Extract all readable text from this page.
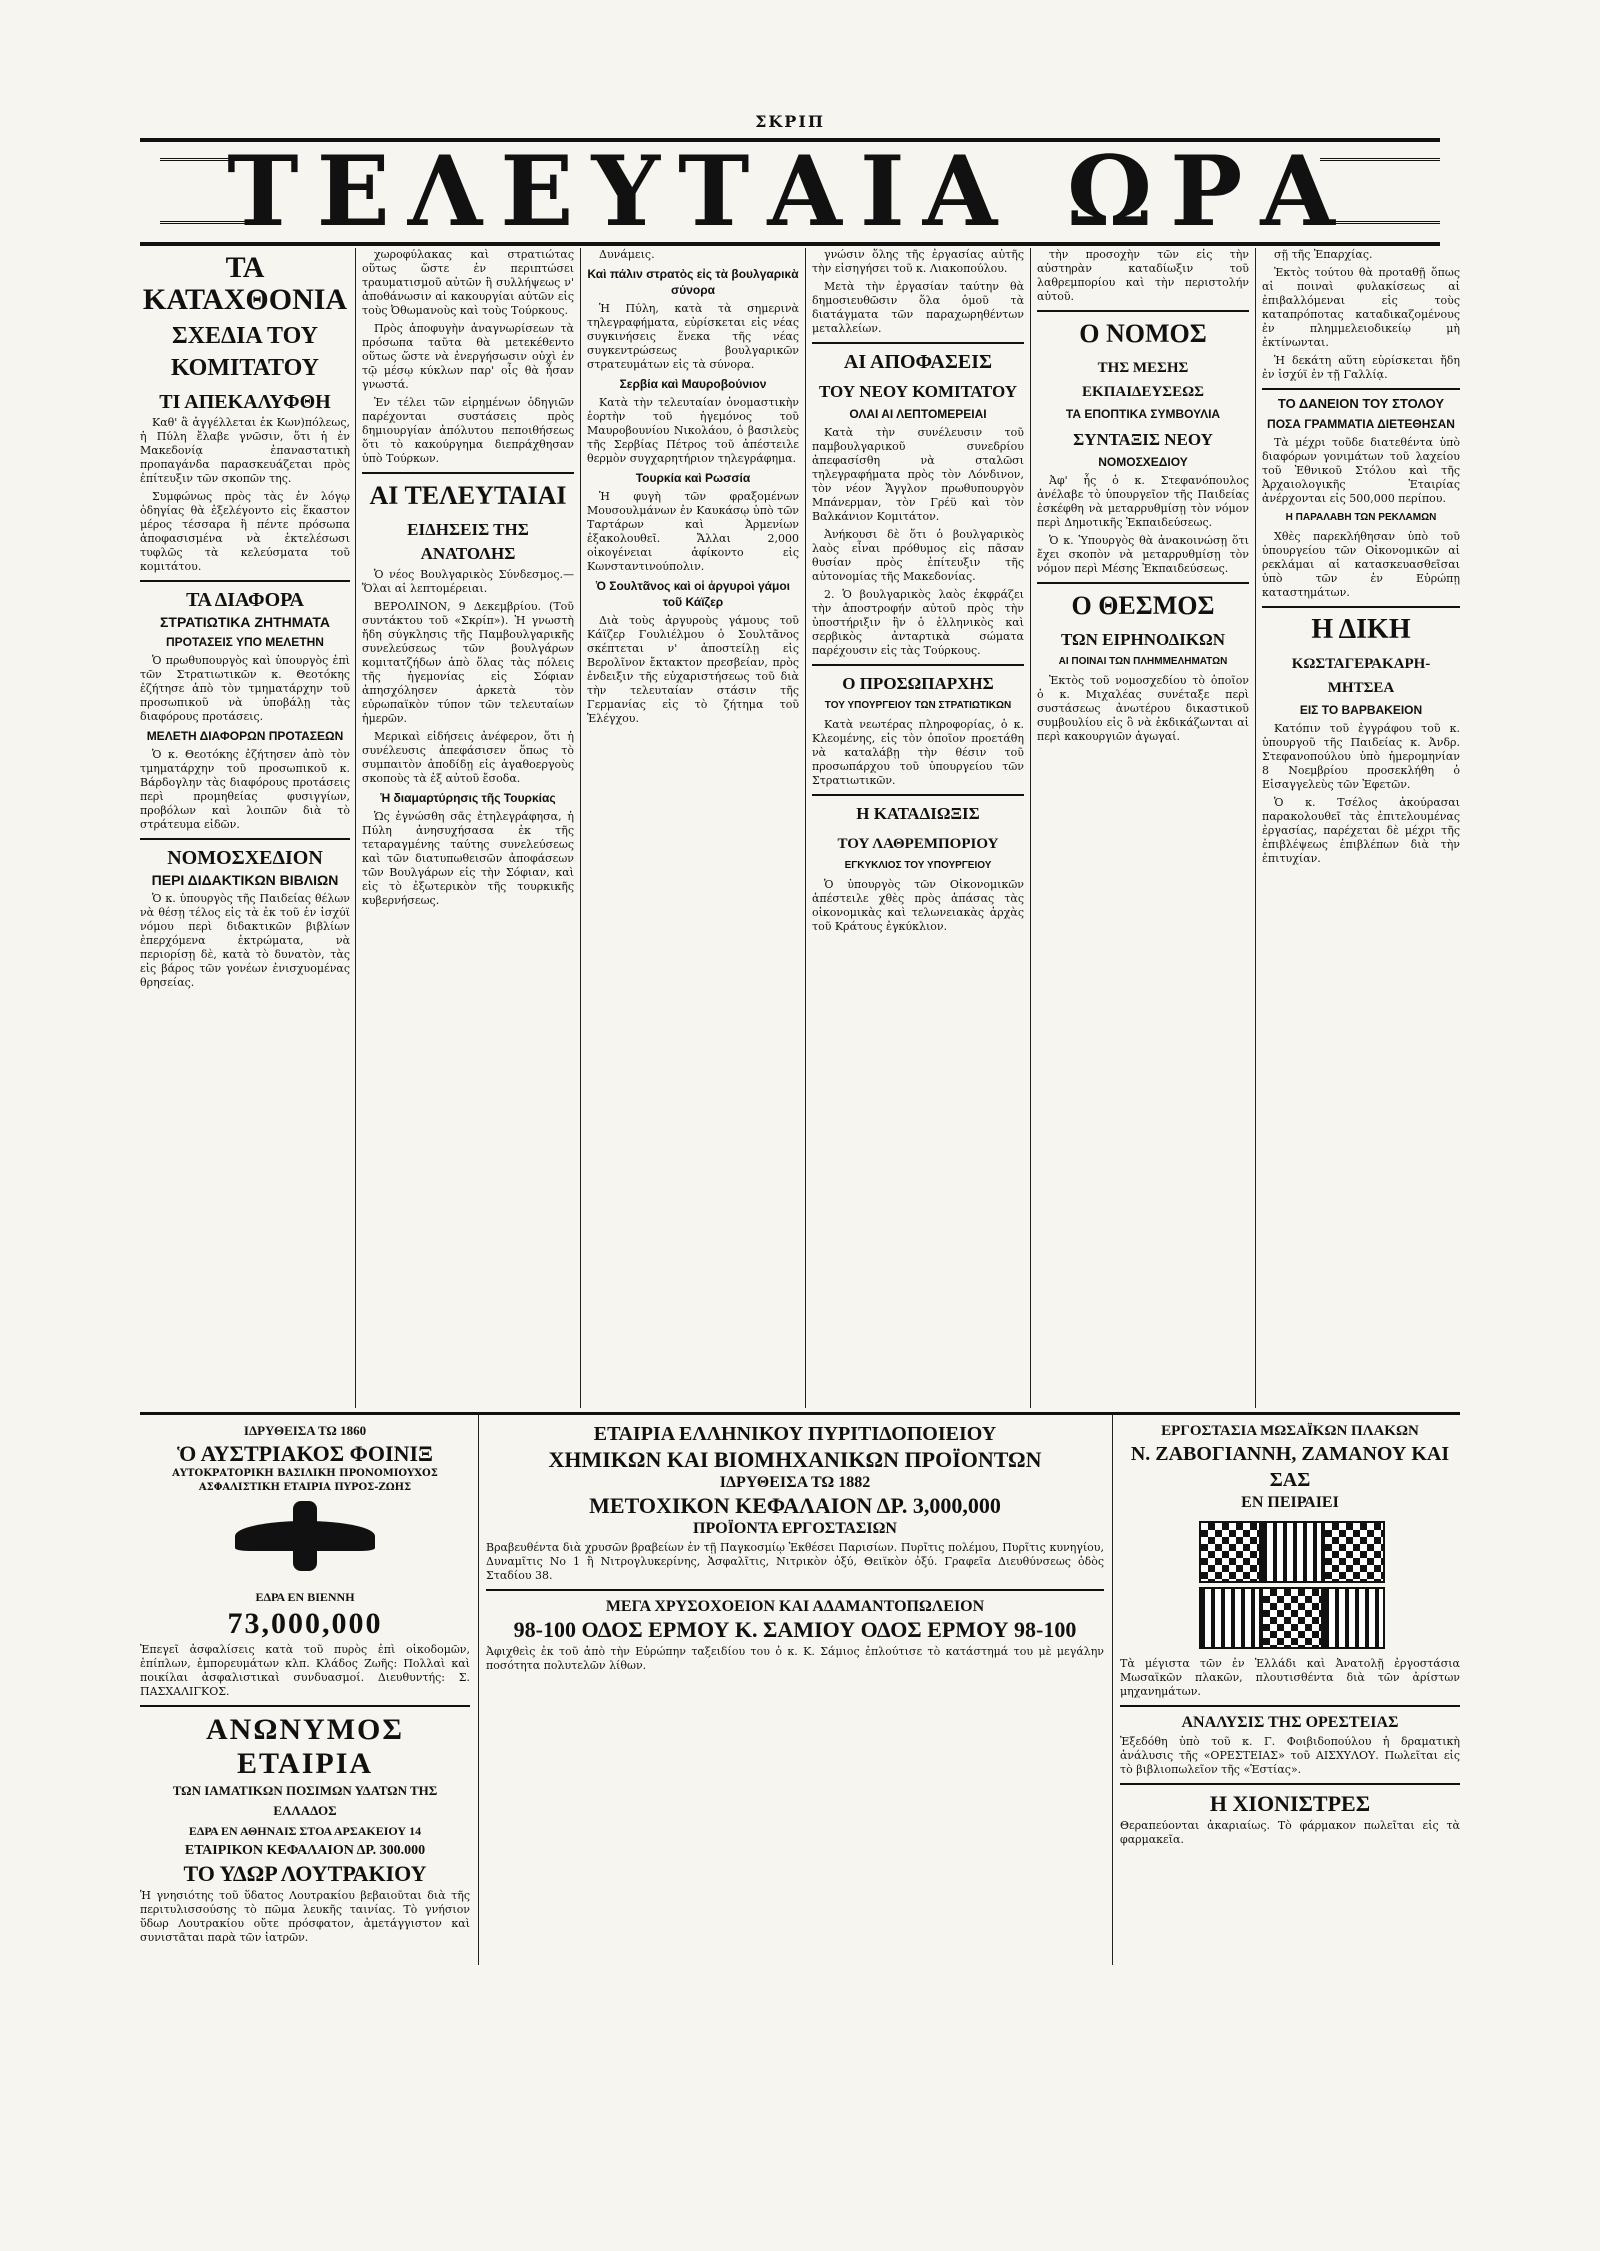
ΣΚΡΙΠ
ΤΕΛΕΥΤΑΙΑ ΩΡΑ
ΤΑ ΚΑΤΑΧΘΟΝΙΑ
ΣΧΕΔΙΑ ΤΟΥ ΚΟΜΙΤΑΤΟΥ
ΤΙ ΑΠΕΚΑΛΥΦΘΗ

Καθ' ἃ ἀγγέλλεται ἐκ Κων)πόλεως, ἡ Πύλη ἔλαβε γνῶσιν, ὅτι ἡ ἐν Μακεδονίᾳ ἐπαναστατικὴ προπαγάνδα παρασκευάζεται πρὸς ἐπίτευξιν τῶν σκοπῶν της.

Συμφώνως πρὸς τὰς ἐν λόγῳ ὁδηγίας θὰ ἐξελέγοντο εἰς ἕκαστον μέρος τέσσαρα ἢ πέντε πρόσωπα ἀποφασισμένα νὰ ἐκτελέσωσι τυφλῶς τὰ κελεύσματα τοῦ κομιτάτου.

ΤΑ ΔΙΑΦΟΡΑ
ΣΤΡΑΤΙΩΤΙΚΑ ΖΗΤΗΜΑΤΑ
ΠΡΟΤΑΣΕΙΣ ΥΠΟ ΜΕΛΕΤΗΝ

Ὁ πρωθυπουργὸς καὶ ὑπουργὸς ἐπὶ τῶν Στρατιωτικῶν κ. Θεοτόκης ἐζήτησε ἀπὸ τὸν τμηματάρχην τοῦ προσωπικοῦ νὰ ὑποβάλῃ τὰς διαφόρους προτάσεις.

ΜΕΛΕΤΗ ΔΙΑΦΟΡΩΝ ΠΡΟΤΑΣΕΩΝ

Ὁ κ. Θεοτόκης ἐζήτησεν ἀπὸ τὸν τμηματάρχην τοῦ προσωπικοῦ κ. Βάρδογλην τὰς διαφόρους προτάσεις περὶ προμηθείας φυσιγγίων, προβόλων καὶ λοιπῶν διὰ τὸ στράτευμα εἰδῶν.

ΝΟΜΟΣΧΕΔΙΟΝ
ΠΕΡΙ ΔΙΔΑΚΤΙΚΩΝ ΒΙΒΛΙΩΝ

Ὁ κ. ὑπουργὸς τῆς Παιδείας θέλων νὰ θέσῃ τέλος εἰς τὰ ἐκ τοῦ ἐν ἰσχύϊ νόμου περὶ διδακτικῶν βιβλίων ἐπερχόμενα ἐκτρώματα, νὰ περιορίσῃ δὲ, κατὰ τὸ δυνατὸν, τὰς εἰς βάρος τῶν γονέων ἐνισχυομένας θρησείας.

χωροφύλακας καὶ στρατιώτας οὕτως ὥστε ἐν περιπτώσει τραυματισμοῦ αὐτῶν ἢ συλλήψεως ν' ἀποθάνωσιν αἱ κακουργίαι αὐτῶν εἰς τοὺς Ὀθωμανοὺς καὶ τοὺς Τούρκους.

Πρὸς ἀποφυγὴν ἀναγνωρίσεων τὰ πρόσωπα ταῦτα θὰ μετεκέθεντο οὕτως ὥστε νὰ ἐνεργήσωσιν οὐχὶ ἐν τῷ μέσῳ κύκλων παρ' οἷς θὰ ἦσαν γνωστά.

Ἐν τέλει τῶν εἰρημένων ὁδηγιῶν παρέχονται συστάσεις πρὸς δημιουργίαν ἀπόλυτου πεποιθήσεως ὅτι τὸ κακούργημα διεπράχθησαν ὑπὸ Τούρκων.

ΑΙ ΤΕΛΕΥΤΑΙΑΙ
ΕΙΔΗΣΕΙΣ ΤΗΣ ΑΝΑΤΟΛΗΣ

Ὁ νέος Βουλγαρικὸς Σύνδεσμος.—Ὅλαι αἱ λεπτομέρειαι.

ΒΕΡΟΛΙΝΟΝ, 9 Δεκεμβρίου. (Τοῦ συντάκτου τοῦ «Σκρίπ»). Ἡ γνωστὴ ἤδη σύγκλησις τῆς Παμβουλγαρικῆς συνελεύσεως τῶν βουλγάρων κομιτατζήδων ἀπὸ ὅλας τὰς πόλεις τῆς ἡγεμονίας εἰς Σόφιαν ἀπησχόλησεν ἀρκετὰ τὸν εὐρωπαϊκὸν τύπον τῶν τελευταίων ἡμερῶν.

Μερικαὶ εἰδήσεις ἀνέφερον, ὅτι ἡ συνέλευσις ἀπεφάσισεν ὅπως τὸ συμπαιτὸν ἀποδίδῃ εἰς ἀγαθοεργοὺς σκοποὺς τὰ ἐξ αὐτοῦ ἔσοδα.

Ἡ διαμαρτύρησις τῆς Τουρκίας

Ὡς ἐγνώσθη σᾶς ἐτηλεγράφησα, ἡ Πύλη ἀνησυχήσασα ἐκ τῆς τεταραγμένης ταύτης συνελεύσεως καὶ τῶν διατυπωθεισῶν ἀποφάσεων τῶν Βουλγάρων εἰς τὴν Σόφιαν, καὶ εἰς τὸ ἐξωτερικὸν τῆς τουρκικῆς κυβερνήσεως.

Δυνάμεις.

Καὶ πάλιν στρατὸς εἰς τὰ βουλγαρικὰ σύνορα

Ἡ Πύλη, κατὰ τὰ σημερινὰ τηλεγραφήματα, εὑρίσκεται εἰς νέας συγκινήσεις ἕνεκα τῆς νέας συγκεντρώσεως βουλγαρικῶν στρατευμάτων εἰς τὰ σύνορα.

Σερβία καὶ Μαυροβούνιον

Κατὰ τὴν τελευταίαν ὀνομαστικὴν ἑορτὴν τοῦ ἡγεμόνος τοῦ Μαυροβουνίου Νικολάου, ὁ βασιλεὺς τῆς Σερβίας Πέτρος τοῦ ἀπέστειλε θερμὸν συγχαρητήριον τηλεγράφημα.

Τουρκία καὶ Ρωσσία

Ἡ φυγὴ τῶν φραξομένων Μουσουλμάνων ἐν Καυκάσῳ ὑπὸ τῶν Ταρτάρων καὶ Ἀρμενίων ἐξακολουθεῖ. Ἄλλαι 2,000 οἰκογένειαι ἀφίκοντο εἰς Κωνσταντινούπολιν.

Ὁ Σουλτᾶνος καὶ οἱ ἀργυροὶ γάμοι τοῦ Κάϊζερ

Διὰ τοὺς ἀργυροὺς γάμους τοῦ Κάϊζερ Γουλιέλμου ὁ Σουλτᾶνος σκέπτεται ν' ἀποστείλῃ εἰς Βερολῖνον ἔκτακτον πρεσβείαν, πρὸς ἐνδειξιν τῆς εὐχαριστήσεως τοῦ διὰ τὴν τελευταίαν στάσιν τῆς Γερμανίας εἰς τὸ ζήτημα τοῦ Ἑλέγχου.

γνώσιν ὅλης τῆς ἐργασίας αὐτῆς τὴν εἰσηγήσει τοῦ κ. Λιακοπούλου.

Μετὰ τὴν ἐργασίαν ταύτην θὰ δημοσιευθῶσιν ὅλα ὁμοῦ τὰ διατάγματα τῶν παραχωρηθέντων μεταλλείων.

ΑΙ ΑΠΟΦΑΣΕΙΣ
ΤΟΥ ΝΕΟΥ ΚΟΜΙΤΑΤΟΥ
ΟΛΑΙ ΑΙ ΛΕΠΤΟΜΕΡΕΙΑΙ

Κατὰ τὴν συνέλευσιν τοῦ παμβουλγαρικοῦ συνεδρίου ἀπεφασίσθη νὰ σταλῶσι τηλεγραφήματα πρὸς τὸν Λόνδινον, τὸν νέον Ἄγγλον πρωθυπουργὸν Μπάνερμαν, τὸν Γρέϋ καὶ τὸν Βαλκάνιον Κομιτάτον.

Ἀνήκουσι δὲ ὅτι ὁ βουλγαρικὸς λαὸς εἶναι πρόθυμος εἰς πᾶσαν θυσίαν πρὸς ἐπίτευξιν τῆς αὐτονομίας τῆς Μακεδονίας.

2. Ὁ βουλγαρικὸς λαὸς ἐκφράζει τὴν ἀποστροφήν αὐτοῦ πρὸς τὴν ὑποστήριξιν ἣν ὁ ἑλληνικὸς καὶ σερβικὸς ἀνταρτικὰ σώματα παρέχουσιν εἰς τὰς Τούρκους.

Ο ΠΡΟΣΩΠΑΡΧΗΣ
ΤΟΥ ΥΠΟΥΡΓΕΙΟΥ ΤΩΝ ΣΤΡΑΤΙΩΤΙΚΩΝ

Κατὰ νεωτέρας πληροφορίας, ὁ κ. Κλεομένης, εἰς τὸν ὁποῖον προετάθη νὰ καταλάβῃ τὴν θέσιν τοῦ προσωπάρχου τοῦ ὑπουργείου τῶν Στρατιωτικῶν.

Η ΚΑΤΑΔΙΩΞΙΣ
ΤΟΥ ΛΑΘΡΕΜΠΟΡΙΟΥ
ΕΓΚΥΚΛΙΟΣ ΤΟΥ ΥΠΟΥΡΓΕΙΟΥ

Ὁ ὑπουργὸς τῶν Οἰκονομικῶν ἀπέστειλε χθὲς πρὸς ἁπάσας τὰς οἰκονομικὰς καὶ τελωνειακὰς ἀρχὰς τοῦ Κράτους ἐγκύκλιον.

τὴν προσοχὴν τῶν εἰς τὴν αὐστηρὰν καταδίωξιν τοῦ λαθρεμπορίου καὶ τὴν περιστολήν αὐτοῦ.

Ο ΝΟΜΟΣ
ΤΗΣ ΜΕΣΗΣ ΕΚΠΑΙΔΕΥΣΕΩΣ
ΤΑ ΕΠΟΠΤΙΚΑ ΣΥΜΒΟΥΛΙΑ
ΣΥΝΤΑΞΙΣ ΝΕΟΥ
ΝΟΜΟΣΧΕΔΙΟΥ

Ἀφ' ἧς ὁ κ. Στεφανόπουλος ἀνέλαβε τὸ ὑπουργεῖον τῆς Παιδείας ἐσκέφθη νὰ μεταρρυθμίσῃ τὸν νόμον περὶ Δημοτικῆς Ἐκπαιδεύσεως.

Ὁ κ. Ὑπουργὸς θὰ ἀνακοινώσῃ ὅτι ἔχει σκοπὸν νὰ μεταρρυθμίσῃ τὸν νόμον περὶ Μέσης Ἐκπαιδεύσεως.

Ο ΘΕΣΜΟΣ
ΤΩΝ ΕΙΡΗΝΟΔΙΚΩΝ
ΑΙ ΠΟΙΝΑΙ ΤΩΝ ΠΛΗΜΜΕΛΗΜΑΤΩΝ

Ἐκτὸς τοῦ νομοσχεδίου τὸ ὁποῖον ὁ κ. Μιχαλέας συνέταξε περὶ συστάσεως ἀνωτέρου δικαστικοῦ συμβουλίου εἰς ὃ νὰ ἐκδικάζωνται αἱ περὶ κακουργιῶν ἀγωγαί.

σῇ τῆς Ἐπαρχίας.

Ἐκτὸς τούτου θὰ προταθῇ ὅπως αἱ ποιναὶ φυλακίσεως αἱ ἐπιβαλλόμεναι εἰς τοὺς καταπρόποτας καταδικαζομένους ἐν πλημμελειοδικείῳ μὴ ἐκτίνωνται.

Ἡ δεκάτη αὕτη εὑρίσκεται ἤδη ἐν ἰσχύϊ ἐν τῇ Γαλλίᾳ.

ΤΟ ΔΑΝΕΙΟΝ ΤΟΥ ΣΤΟΛΟΥ
ΠΟΣΑ ΓΡΑΜΜΑΤΙΑ ΔΙΕΤΕΘΗΣΑΝ

Τὰ μέχρι τοῦδε διατεθέντα ὑπὸ διαφόρων γονιμάτων τοῦ λαχείου τοῦ Ἐθνικοῦ Στόλου καὶ τῆς Ἀρχαιολογικῆς Ἑταιρίας ἀνέρχονται εἰς 500,000 περίπου.

Η ΠΑΡΑΛΑΒΗ ΤΩΝ ΡΕΚΛΑΜΩΝ

Χθὲς παρεκλήθησαν ὑπὸ τοῦ ὑπουργείου τῶν Οἰκονομικῶν αἱ ρεκλάμαι αἱ κατασκευασθεῖσαι ὑπὸ τῶν ἐν Εὐρώπῃ καταστημάτων.

Η ΔΙΚΗ
ΚΩΣΤΑΓΕΡΑΚΑΡΗ-ΜΗΤΣΕΑ
ΕΙΣ ΤΟ ΒΑΡΒΑΚΕΙΟΝ

Κατόπιν τοῦ ἐγγράφου τοῦ κ. ὑπουργοῦ τῆς Παιδείας κ. Ἀνδρ. Στεφανοπούλου ὑπὸ ἡμερομηνίαν 8 Νοεμβρίου προσεκλήθη ὁ Εἰσαγγελεὺς τῶν Ἐφετῶν.

Ὁ κ. Τσέλος ἀκούρασαι παρακολουθεῖ τὰς ἐπιτελουμένας ἐργασίας, παρέχεται δὲ μέχρι τῆς ἐπιβλέψεως ἐπιβλέπων διὰ τὴν ἐπιτυχίαν.

ΙΔΡΥΘΕΙΣΑ ΤΩ 1860
Ὁ ΑΥΣΤΡΙΑΚΟΣ ΦΟΙΝΙΞ
ΑΥΤΟΚΡΑΤΟΡΙΚΗ ΒΑΣΙΛΙΚΗ ΠΡΟΝΟΜΙΟΥΧΟΣ ΑΣΦΑΛΙΣΤΙΚΗ ΕΤΑΙΡΙΑ ΠΥΡΟΣ-ΖΩΗΣ
ΕΔΡΑ ΕΝ ΒΙΕΝΝΗ
73,000,000

Ἐπεγεῖ ἀσφαλίσεις κατὰ τοῦ πυρὸς ἐπὶ οἰκοδομῶν, ἐπίπλων, ἐμπορευμάτων κλπ. Κλάδος Ζωῆς: Πολλαὶ καὶ ποικίλαι ἀσφαλιστικαὶ συνδυασμοί. Διευθυντής: Σ. ΠΑΣΧΑΛΙΓΚΟΣ.

ΑΝΩΝΥΜΟΣ ΕΤΑΙΡΙΑ
ΤΩΝ ΙΑΜΑΤΙΚΩΝ ΠΟΣΙΜΩΝ ΥΔΑΤΩΝ ΤΗΣ ΕΛΛΑΔΟΣ
ΕΔΡΑ ΕΝ ΑΘΗΝΑΙΣ ΣΤΟΑ ΑΡΣΑΚΕΙΟΥ 14
ΕΤΑΙΡΙΚΟΝ ΚΕΦΑΛΑΙΟΝ ΔΡ. 300.000
ΤΟ ΥΔΩΡ ΛΟΥΤΡΑΚΙΟΥ

Ἡ γνησιότης τοῦ ὕδατος Λουτρακίου βεβαιοῦται διὰ τῆς περιτυλισσούσης τὸ πῶμα λευκῆς ταινίας. Τὸ γνήσιον ὕδωρ Λουτρακίου οὔτε πρόσφατον, ἀμετάγγιστον καὶ συνιστᾶται παρὰ τῶν ἰατρῶν.

ΕΤΑΙΡΙΑ ΕΛΛΗΝΙΚΟΥ ΠΥΡΙΤΙΔΟΠΟΙΕΙΟΥ
ΧΗΜΙΚΩΝ ΚΑΙ ΒΙΟΜΗΧΑΝΙΚΩΝ ΠΡΟΪΟΝΤΩΝ
ΙΔΡΥΘΕΙΣΑ ΤΩ 1882
ΜΕΤΟΧΙΚΟΝ ΚΕΦΑΛΑΙΟΝ ΔΡ. 3,000,000
ΠΡΟΪΟΝΤΑ ΕΡΓΟΣΤΑΣΙΩΝ

Βραβευθέντα διὰ χρυσῶν βραβείων ἐν τῇ Παγκοσμίῳ Ἐκθέσει Παρισίων. Πυρῖτις πολέμου, Πυρῖτις κυνηγίου, Δυναμῖτις Νο 1 ἢ Νιτρογλυκερίνης, Ἀσφαλῖτις, Νιτρικὸν ὀξύ, Θειϊκὸν ὀξύ. Γραφεῖα Διευθύνσεως ὁδὸς Σταδίου 38.

ΜΕΓΑ ΧΡΥΣΟΧΟΕΙΟΝ ΚΑΙ ΑΔΑΜΑΝΤΟΠΩΛΕΙΟΝ
98-100 ΟΔΟΣ ΕΡΜΟΥ Κ. ΣΑΜΙΟΥ ΟΔΟΣ ΕΡΜΟΥ 98-100

Ἀφιχθεὶς ἐκ τοῦ ἀπὸ τὴν Εὐρώπην ταξειδίου του ὁ κ. Κ. Σάμιος ἐπλούτισε τὸ κατάστημά του μὲ μεγάλην ποσότητα πολυτελῶν λίθων.

ΕΡΓΟΣΤΑΣΙΑ ΜΩΣΑΪΚΩΝ ΠΛΑΚΩΝ
Ν. ΖΑΒΟΓΙΑΝΝΗ, ΖΑΜΑΝΟΥ ΚΑΙ ΣΑΣ
ΕΝ ΠΕΙΡΑΙΕΙ

Τὰ μέγιστα τῶν ἐν Ἑλλάδι καὶ Ἀνατολῇ ἐργοστάσια Μωσαϊκῶν πλακῶν, πλουτισθέντα διὰ τῶν ἀρίστων μηχανημάτων.

ΑΝΑΛΥΣΙΣ ΤΗΣ ΟΡΕΣΤΕΙΑΣ

Ἐξεδόθη ὑπὸ τοῦ κ. Γ. Φοιβιδοπούλου ἡ δραματικὴ ἀνάλυσις τῆς «ΟΡΕΣΤΕΙΑΣ» τοῦ ΑΙΣΧΥΛΟΥ. Πωλεῖται εἰς τὸ βιβλιοπωλεῖον τῆς «Ἑστίας».

Η ΧΙΟΝΙΣΤΡΕΣ

Θεραπεύονται ἀκαριαίως. Τὸ φάρμακον πωλεῖται εἰς τὰ φαρμακεῖα.
